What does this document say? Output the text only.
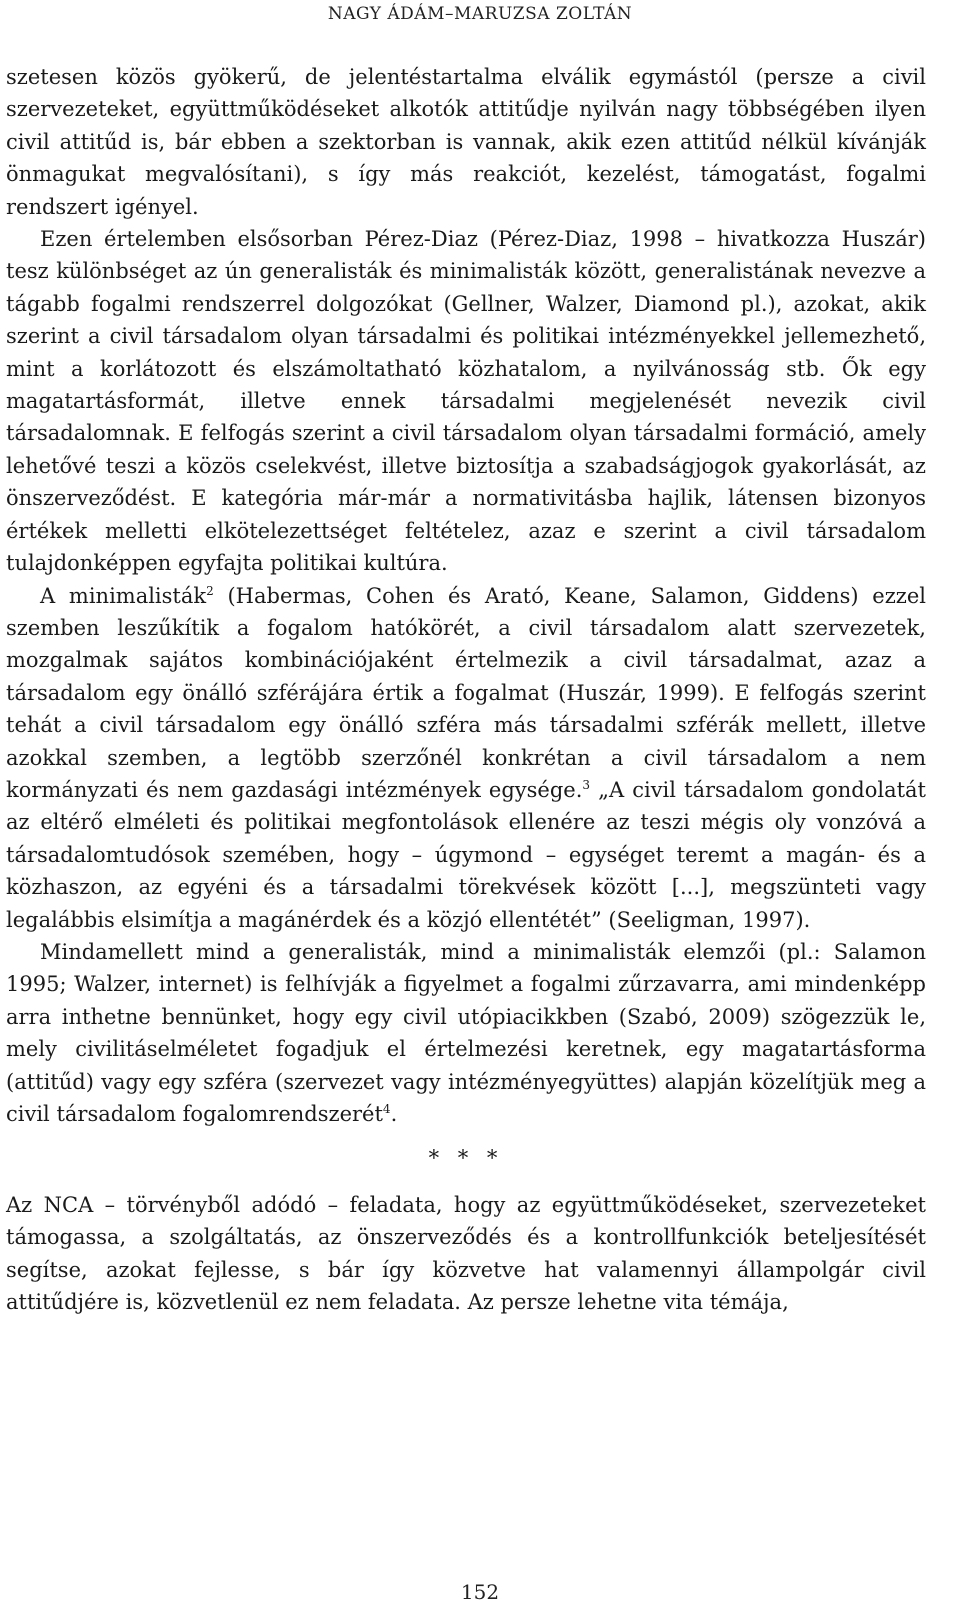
NAGY ÁDÁM–MARUZSA ZOLTÁN

szetesen közös gyökerű, de jelentéstartalma elválik egymástól (persze a civil szervezeteket, együttműködéseket alkotók attitűdje nyilván nagy többségében ilyen civil attitűd is, bár ebben a szektorban is vannak, akik ezen attitűd nélkül kívánják önmagukat megvalósítani), s így más reakciót, kezelést, támogatást, fogalmi rendszert igényel.

Ezen értelemben elsősorban Pérez-Diaz (Pérez-Diaz, 1998 – hivatkozza Huszár) tesz különbséget az ún generalisták és minimalisták között, generalistának nevezve a tágabb fogalmi rendszerrel dolgozókat (Gellner, Walzer, Diamond pl.), azokat, akik szerint a civil társadalom olyan társadalmi és politikai intézményekkel jellemezhető, mint a korlátozott és elszámoltatható közhatalom, a nyilvánosság stb. Ők egy magatartásformát, illetve ennek társadalmi megjelenését nevezik civil társadalomnak. E felfogás szerint a civil társadalom olyan társadalmi formáció, amely lehetővé teszi a közös cselekvést, illetve biztosítja a szabadságjogok gyakorlását, az önszerveződést. E kategória már-már a normativitásba hajlik, látensen bizonyos értékek melletti elkötelezettséget feltételez, azaz e szerint a civil társadalom tulajdonképpen egyfajta politikai kultúra.

A minimalisták$^2$ (Habermas, Cohen és Arató, Keane, Salamon, Giddens) ezzel szemben leszűkítik a fogalom hatókörét, a civil társadalom alatt szervezetek, mozgalmak sajátos kombinációjaként értelmezik a civil társadalmat, azaz a társadalom egy önálló szférájára értik a fogalmat (Huszár, 1999). E felfogás szerint tehát a civil társadalom egy önálló szféra más társadalmi szférák mellett, illetve azokkal szemben, a legtöbb szerzőnél konkrétan a civil társadalom a nem kormányzati és nem gazdasági intézmények egysége.$^3$ „A civil társadalom gondolatát az eltérő elméleti és politikai megfontolások ellenére az teszi mégis oly vonzóvá a társadalomtudósok szemében, hogy – úgymond – egységet teremt a magán- és a közhaszon, az egyéni és a társadalmi törekvések között [...], megszünteti vagy legalábbis elsimítja a magánérdek és a közjó ellentétét” (Seeligman, 1997).

Mindamellett mind a generalisták, mind a minimalisták elemzői (pl.: Salamon 1995; Walzer, internet) is felhívják a figyelmet a fogalmi zűrzavarra, ami mindenképp arra inthetne bennünket, hogy egy civil utópiacikkben (Szabó, 2009) szögezzük le, mely civilitáselméletet fogadjuk el értelmezési keretnek, egy magatartásforma (attitűd) vagy egy szféra (szervezet vagy intézményegyüttes) alapján közelítjük meg a civil társadalom fogalomrendszerét$^4$.

* * *

Az NCA – törvényből adódó – feladata, hogy az együttműködéseket, szervezeteket támogassa, a szolgáltatás, az önszerveződés és a kontrollfunkciók beteljesítését segítse, azokat fejlesse, s bár így közvetve hat valamennyi állampolgár civil attitűdjére is, közvetlenül ez nem feladata. Az persze lehetne vita témája,

152
